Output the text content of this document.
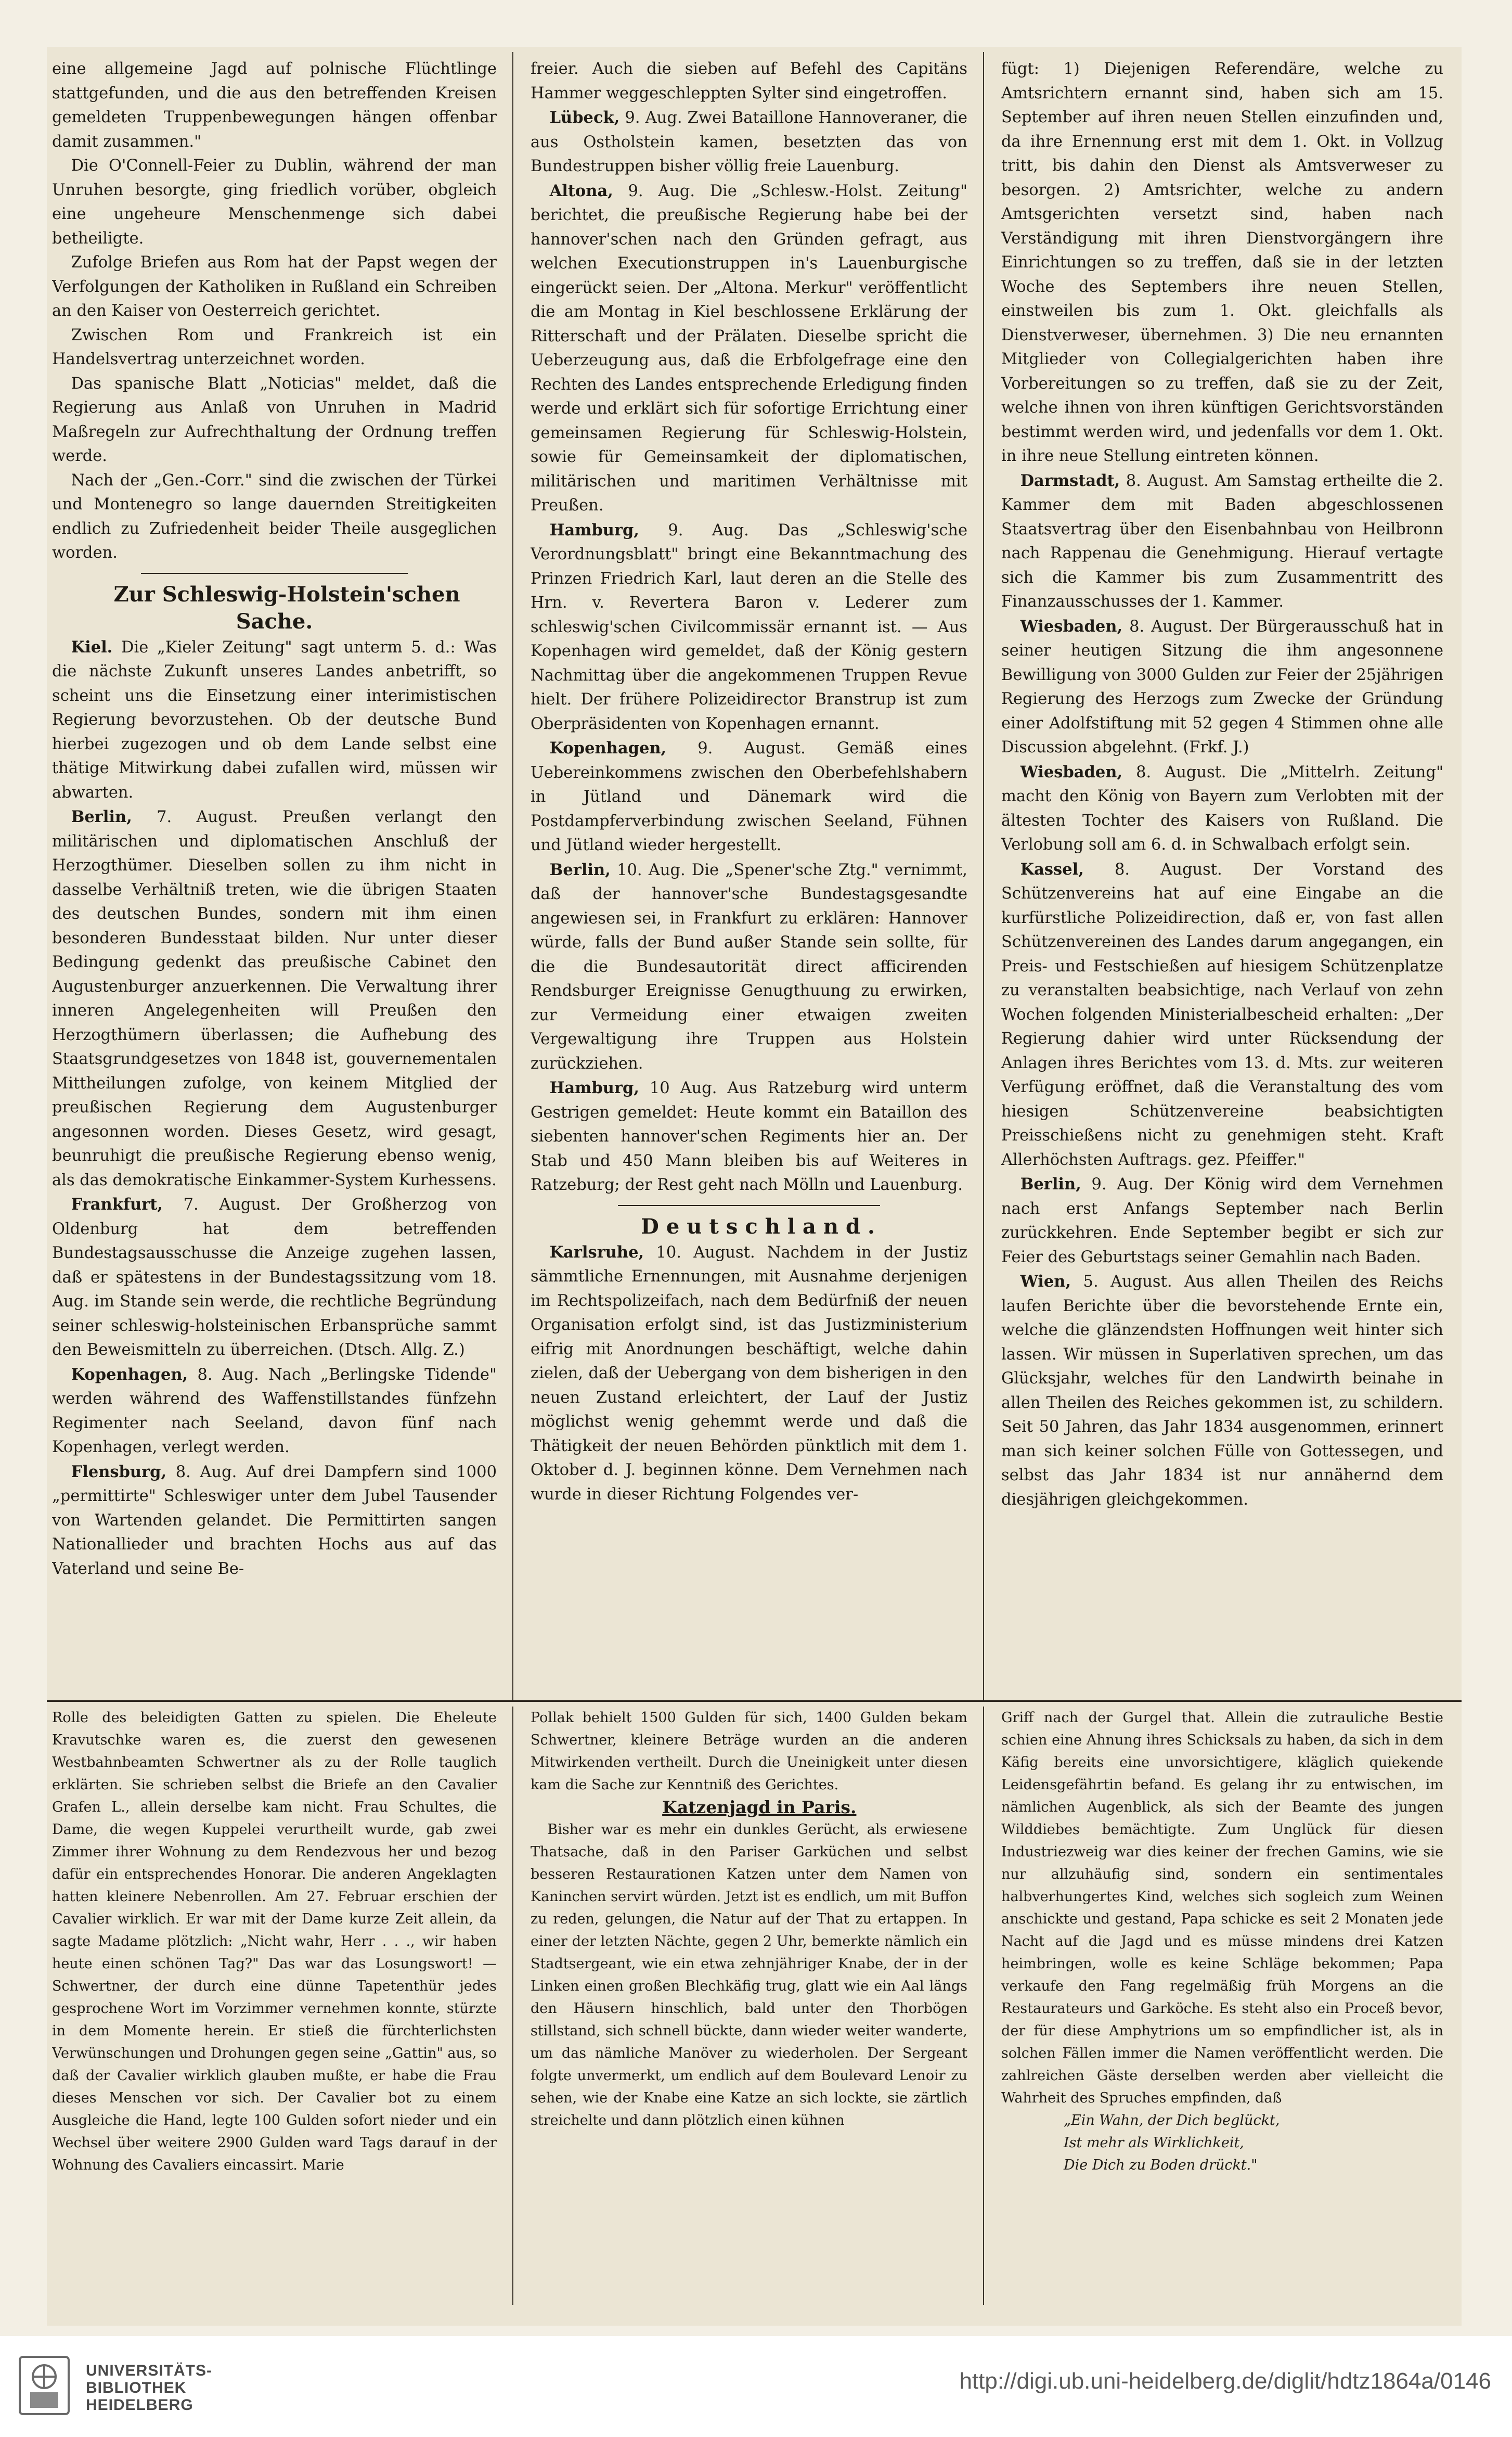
eine allgemeine Jagd auf polnische Flüchtlinge stattgefunden, und die aus den betreffenden Kreisen gemeldeten Truppenbewegungen hängen offenbar damit zusammen."

Die O'Connell-Feier zu Dublin, während der man Unruhen besorgte, ging friedlich vorüber, obgleich eine ungeheure Menschenmenge sich dabei betheiligte.

Zufolge Briefen aus Rom hat der Papst wegen der Verfolgungen der Katholiken in Rußland ein Schreiben an den Kaiser von Oesterreich gerichtet.

Zwischen Rom und Frankreich ist ein Handelsvertrag unterzeichnet worden.

Das spanische Blatt „Noticias" meldet, daß die Regierung aus Anlaß von Unruhen in Madrid Maßregeln zur Aufrechthaltung der Ordnung treffen werde.

Nach der „Gen.-Corr." sind die zwischen der Türkei und Montenegro so lange dauernden Streitigkeiten endlich zu Zufriedenheit beider Theile ausgeglichen worden.

Zur Schleswig-Holstein'schen Sache.

Kiel. Die „Kieler Zeitung" sagt unterm 5. d.: Was die nächste Zukunft unseres Landes anbetrifft, so scheint uns die Einsetzung einer interimistischen Regierung bevorzustehen. Ob der deutsche Bund hierbei zugezogen und ob dem Lande selbst eine thätige Mitwirkung dabei zufallen wird, müssen wir abwarten.

Berlin, 7. August. Preußen verlangt den militärischen und diplomatischen Anschluß der Herzogthümer. Dieselben sollen zu ihm nicht in dasselbe Verhältniß treten, wie die übrigen Staaten des deutschen Bundes, sondern mit ihm einen besonderen Bundesstaat bilden. Nur unter dieser Bedingung gedenkt das preußische Cabinet den Augustenburger anzuerkennen. Die Verwaltung ihrer inneren Angelegenheiten will Preußen den Herzogthümern überlassen; die Aufhebung des Staatsgrundgesetzes von 1848 ist, gouvernementalen Mittheilungen zufolge, von keinem Mitglied der preußischen Regierung dem Augustenburger angesonnen worden. Dieses Gesetz, wird gesagt, beunruhigt die preußische Regierung ebenso wenig, als das demokratische Einkammer-System Kurhessens.

Frankfurt, 7. August. Der Großherzog von Oldenburg hat dem betreffenden Bundestagsausschusse die Anzeige zugehen lassen, daß er spätestens in der Bundestagssitzung vom 18. Aug. im Stande sein werde, die rechtliche Begründung seiner schleswig-holsteinischen Erbansprüche sammt den Beweismitteln zu überreichen. (Dtsch. Allg. Z.)

Kopenhagen, 8. Aug. Nach „Berlingske Tidende" werden während des Waffenstillstandes fünfzehn Regimenter nach Seeland, davon fünf nach Kopenhagen, verlegt werden.

Flensburg, 8. Aug. Auf drei Dampfern sind 1000 „permittirte" Schleswiger unter dem Jubel Tausender von Wartenden gelandet. Die Permittirten sangen Nationallieder und brachten Hochs aus auf das Vaterland und seine Be-

freier. Auch die sieben auf Befehl des Capitäns Hammer weggeschleppten Sylter sind eingetroffen.

Lübeck, 9. Aug. Zwei Bataillone Hannoveraner, die aus Ostholstein kamen, besetzten das von Bundestruppen bisher völlig freie Lauenburg.

Altona, 9. Aug. Die „Schlesw.-Holst. Zeitung" berichtet, die preußische Regierung habe bei der hannover'schen nach den Gründen gefragt, aus welchen Executionstruppen in's Lauenburgische eingerückt seien. Der „Altona. Merkur" veröffentlicht die am Montag in Kiel beschlossene Erklärung der Ritterschaft und der Prälaten. Dieselbe spricht die Ueberzeugung aus, daß die Erbfolgefrage eine den Rechten des Landes entsprechende Erledigung finden werde und erklärt sich für sofortige Errichtung einer gemeinsamen Regierung für Schleswig-Holstein, sowie für Gemeinsamkeit der diplomatischen, militärischen und maritimen Verhältnisse mit Preußen.

Hamburg, 9. Aug. Das „Schleswig'sche Verordnungsblatt" bringt eine Bekanntmachung des Prinzen Friedrich Karl, laut deren an die Stelle des Hrn. v. Revertera Baron v. Lederer zum schleswig'schen Civilcommissär ernannt ist. — Aus Kopenhagen wird gemeldet, daß der König gestern Nachmittag über die angekommenen Truppen Revue hielt. Der frühere Polizeidirector Branstrup ist zum Oberpräsidenten von Kopenhagen ernannt.

Kopenhagen, 9. August. Gemäß eines Uebereinkommens zwischen den Oberbefehlshabern in Jütland und Dänemark wird die Postdampferverbindung zwischen Seeland, Fühnen und Jütland wieder hergestellt.

Berlin, 10. Aug. Die „Spener'sche Ztg." vernimmt, daß der hannover'sche Bundestagsgesandte angewiesen sei, in Frankfurt zu erklären: Hannover würde, falls der Bund außer Stande sein sollte, für die die Bundesautorität direct afficirenden Rendsburger Ereignisse Genugthuung zu erwirken, zur Vermeidung einer etwaigen zweiten Vergewaltigung ihre Truppen aus Holstein zurückziehen.

Hamburg, 10 Aug. Aus Ratzeburg wird unterm Gestrigen gemeldet: Heute kommt ein Bataillon des siebenten hannover'schen Regiments hier an. Der Stab und 450 Mann bleiben bis auf Weiteres in Ratzeburg; der Rest geht nach Mölln und Lauenburg.

Deutschland.

Karlsruhe, 10. August. Nachdem in der Justiz sämmtliche Ernennungen, mit Ausnahme derjenigen im Rechtspolizeifach, nach dem Bedürfniß der neuen Organisation erfolgt sind, ist das Justizministerium eifrig mit Anordnungen beschäftigt, welche dahin zielen, daß der Uebergang von dem bisherigen in den neuen Zustand erleichtert, der Lauf der Justiz möglichst wenig gehemmt werde und daß die Thätigkeit der neuen Behörden pünktlich mit dem 1. Oktober d. J. beginnen könne. Dem Vernehmen nach wurde in dieser Richtung Folgendes ver-

fügt: 1) Diejenigen Referendäre, welche zu Amtsrichtern ernannt sind, haben sich am 15. September auf ihren neuen Stellen einzufinden und, da ihre Ernennung erst mit dem 1. Okt. in Vollzug tritt, bis dahin den Dienst als Amtsverweser zu besorgen. 2) Amtsrichter, welche zu andern Amtsgerichten versetzt sind, haben nach Verständigung mit ihren Dienstvorgängern ihre Einrichtungen so zu treffen, daß sie in der letzten Woche des Septembers ihre neuen Stellen, einstweilen bis zum 1. Okt. gleichfalls als Dienstverweser, übernehmen. 3) Die neu ernannten Mitglieder von Collegialgerichten haben ihre Vorbereitungen so zu treffen, daß sie zu der Zeit, welche ihnen von ihren künftigen Gerichtsvorständen bestimmt werden wird, und jedenfalls vor dem 1. Okt. in ihre neue Stellung eintreten können.

Darmstadt, 8. August. Am Samstag ertheilte die 2. Kammer dem mit Baden abgeschlossenen Staatsvertrag über den Eisenbahnbau von Heilbronn nach Rappenau die Genehmigung. Hierauf vertagte sich die Kammer bis zum Zusammentritt des Finanzausschusses der 1. Kammer.

Wiesbaden, 8. August. Der Bürgerausschuß hat in seiner heutigen Sitzung die ihm angesonnene Bewilligung von 3000 Gulden zur Feier der 25jährigen Regierung des Herzogs zum Zwecke der Gründung einer Adolfstiftung mit 52 gegen 4 Stimmen ohne alle Discussion abgelehnt. (Frkf. J.)

Wiesbaden, 8. August. Die „Mittelrh. Zeitung" macht den König von Bayern zum Verlobten mit der ältesten Tochter des Kaisers von Rußland. Die Verlobung soll am 6. d. in Schwalbach erfolgt sein.

Kassel, 8. August. Der Vorstand des Schützenvereins hat auf eine Eingabe an die kurfürstliche Polizeidirection, daß er, von fast allen Schützenvereinen des Landes darum angegangen, ein Preis- und Festschießen auf hiesigem Schützenplatze zu veranstalten beabsichtige, nach Verlauf von zehn Wochen folgenden Ministerialbescheid erhalten: „Der Regierung dahier wird unter Rücksendung der Anlagen ihres Berichtes vom 13. d. Mts. zur weiteren Verfügung eröffnet, daß die Veranstaltung des vom hiesigen Schützenvereine beabsichtigten Preisschießens nicht zu genehmigen steht. Kraft Allerhöchsten Auftrags. gez. Pfeiffer."

Berlin, 9. Aug. Der König wird dem Vernehmen nach erst Anfangs September nach Berlin zurückkehren. Ende September begibt er sich zur Feier des Geburtstags seiner Gemahlin nach Baden.

Wien, 5. August. Aus allen Theilen des Reichs laufen Berichte über die bevorstehende Ernte ein, welche die glänzendsten Hoffnungen weit hinter sich lassen. Wir müssen in Superlativen sprechen, um das Glücksjahr, welches für den Landwirth beinahe in allen Theilen des Reiches gekommen ist, zu schildern. Seit 50 Jahren, das Jahr 1834 ausgenommen, erinnert man sich keiner solchen Fülle von Gottessegen, und selbst das Jahr 1834 ist nur annähernd dem diesjährigen gleichgekommen.

Rolle des beleidigten Gatten zu spielen. Die Eheleute Kravutschke waren es, die zuerst den gewesenen Westbahnbeamten Schwertner als zu der Rolle tauglich erklärten. Sie schrieben selbst die Briefe an den Cavalier Grafen L., allein derselbe kam nicht. Frau Schultes, die Dame, die wegen Kuppelei verurtheilt wurde, gab zwei Zimmer ihrer Wohnung zu dem Rendezvous her und bezog dafür ein entsprechendes Honorar. Die anderen Angeklagten hatten kleinere Nebenrollen. Am 27. Februar erschien der Cavalier wirklich. Er war mit der Dame kurze Zeit allein, da sagte Madame plötzlich: „Nicht wahr, Herr . . ., wir haben heute einen schönen Tag?" Das war das Losungswort! — Schwertner, der durch eine dünne Tapetenthür jedes gesprochene Wort im Vorzimmer vernehmen konnte, stürzte in dem Momente herein. Er stieß die fürchterlichsten Verwünschungen und Drohungen gegen seine „Gattin" aus, so daß der Cavalier wirklich glauben mußte, er habe die Frau dieses Menschen vor sich. Der Cavalier bot zu einem Ausgleiche die Hand, legte 100 Gulden sofort nieder und ein Wechsel über weitere 2900 Gulden ward Tags darauf in der Wohnung des Cavaliers eincassirt. Marie

Pollak behielt 1500 Gulden für sich, 1400 Gulden bekam Schwertner, kleinere Beträge wurden an die anderen Mitwirkenden vertheilt. Durch die Uneinigkeit unter diesen kam die Sache zur Kenntniß des Gerichtes.

Katzenjagd in Paris.

Bisher war es mehr ein dunkles Gerücht, als erwiesene Thatsache, daß in den Pariser Garküchen und selbst besseren Restaurationen Katzen unter dem Namen von Kaninchen servirt würden. Jetzt ist es endlich, um mit Buffon zu reden, gelungen, die Natur auf der That zu ertappen. In einer der letzten Nächte, gegen 2 Uhr, bemerkte nämlich ein Stadtsergeant, wie ein etwa zehnjähriger Knabe, der in der Linken einen großen Blechkäfig trug, glatt wie ein Aal längs den Häusern hinschlich, bald unter den Thorbögen stillstand, sich schnell bückte, dann wieder weiter wanderte, um das nämliche Manöver zu wiederholen. Der Sergeant folgte unvermerkt, um endlich auf dem Boulevard Lenoir zu sehen, wie der Knabe eine Katze an sich lockte, sie zärtlich streichelte und dann plötzlich einen kühnen

Griff nach der Gurgel that. Allein die zutrauliche Bestie schien eine Ahnung ihres Schicksals zu haben, da sich in dem Käfig bereits eine unvorsichtigere, kläglich quiekende Leidensgefährtin befand. Es gelang ihr zu entwischen, im nämlichen Augenblick, als sich der Beamte des jungen Wilddiebes bemächtigte. Zum Unglück für diesen Industriezweig war dies keiner der frechen Gamins, wie sie nur allzuhäufig sind, sondern ein sentimentales halbverhungertes Kind, welches sich sogleich zum Weinen anschickte und gestand, Papa schicke es seit 2 Monaten jede Nacht auf die Jagd und es müsse mindens drei Katzen heimbringen, wolle es keine Schläge bekommen; Papa verkaufe den Fang regelmäßig früh Morgens an die Restaurateurs und Garköche. Es steht also ein Proceß bevor, der für diese Amphytrions um so empfindlicher ist, als in solchen Fällen immer die Namen veröffentlicht werden. Die zahlreichen Gäste derselben werden aber vielleicht die Wahrheit des Spruches empfinden, daß

„Ein Wahn, der Dich beglückt,

Ist mehr als Wirklichkeit,

Die Dich zu Boden drückt."

UNIVERSITÄTS-
BIBLIOTHEK
HEIDELBERG
http://digi.ub.uni-heidelberg.de/diglit/hdtz1864a/0146
